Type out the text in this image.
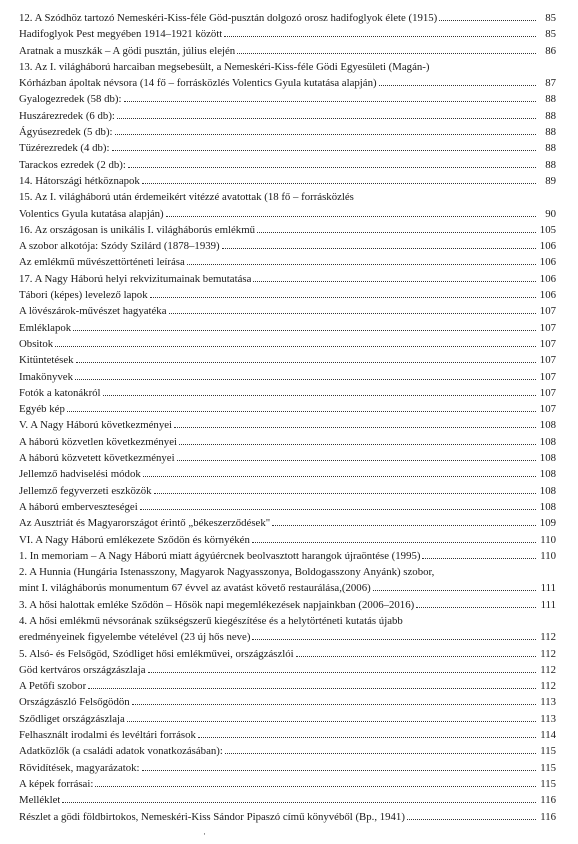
12. A Szódhöz tartozó Nemeskéri-Kiss-féle Göd-pusztán dolgozó orosz hadifoglyok élete (1915)	85
Hadifoglyok Pest megyében 1914–1921 között	85
Aratnak a muszkák – A gödi pusztán, július elején	86
13. Az I. világháború harcaiban megsebesült, a Nemeskéri-Kiss-féle Gödi Egyesületi (Magán-)
Kórházban ápoltak névsora (14 fő – forrásközlés Volentics Gyula kutatása alapján)	87
Gyalogezredek (58 db):	88
Huszárezredek (6 db):	88
Ágyúsezredek (5 db):	88
Tüzérezredek (4 db):	88
Tarackos ezredek (2 db):	88
14. Hátországi hétköznapok	89
15. Az I. világháború után érdemeikért vitézzé avatottak (18 fő – forrásközlés
Volentics Gyula kutatása alapján)	90
16. Az országosan is unikális I. világháborús emlékmű	105
A szobor alkotója: Szódy Szilárd (1878–1939)	106
Az emlékmű művészettörténeti leírása	106
17. A Nagy Háború helyi rekvizitumainak bemutatása	106
Tábori (képes) levelező lapok	106
A lövészárok-művészet hagyatéka	107
Emléklapok	107
Obsitok	107
Kitüntetések	107
Imakönyvek	107
Fotók a katonákról	107
Egyéb kép	107
V. A Nagy Háború következményei	108
A háború közvetlen következményei	108
A háború közvetett következményei	108
Jellemző hadviselési módok	108
Jellemző fegyverzeti eszközök	108
A háború emberveszteségei	108
Az Ausztriát és Magyarországot érintő „békeszerződések"	109
VI. A Nagy Háború emlékezete Sződön és környékén	110
1. In memoriam – A Nagy Háború miatt ágyúércnek beolvasztott harangok újraöntése (1995)	110
2. A Hunnia (Hungária Istenasszony, Magyarok Nagyasszonya, Boldogasszony Anyánk) szobor,
mint I. világháborús monumentum 67 évvel az avatást követő restaurálása,(2006)	111
3. A hősi halottak emléke Sződön – Hősök napi megemlékezések napjainkban (2006–2016)	111
4. A hősi emlékmű névsorának szükségszerű kiegészítése és a helytörténeti kutatás újabb
eredményeinek figyelembe vételével (23 új hős neve)	112
5. Alsó- és Felsőgöd, Szódliget hősi emlékművei, országzászlói	112
Göd kertváros országzászlaja	112
A Petőfi szobor	112
Országzászló Felsőgödön	113
Sződliget országzászlaja	113
Felhasznált irodalmi és levéltári források	114
Adatközlők (a családi adatok vonatkozásában):	115
Rövidítések, magyarázatok:	115
A képek forrásai:	115
Melléklet	116
Részlet a gödi földbirtokos, Nemeskéri-Kiss Sándor Pipaszó című könyvéből (Bp., 1941)	116
·
